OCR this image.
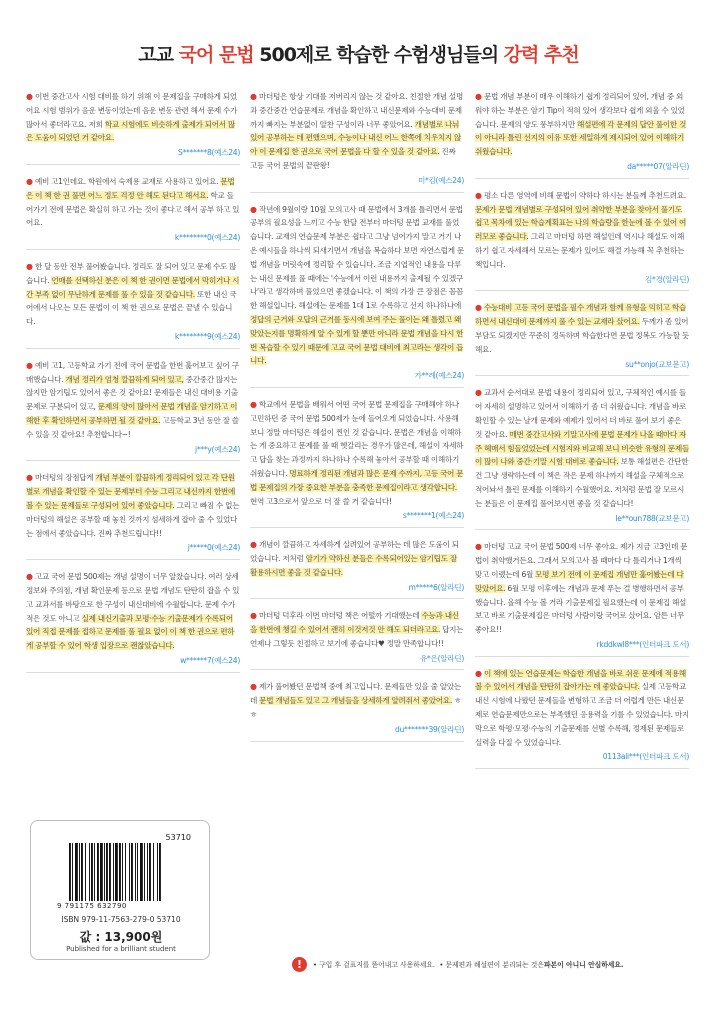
고교 국어 문법 500제로 학습한 수험생님들의 강력 추천
● 이번 중간고사 시험 대비를 하기 위해 이 문제집을 구매하게 되었어요 시험 범위가 음운 변동이었는데 음운 변동 관련 해서 문제 수가 많아서 좋더라고요. 저희 학교 시험에도 비슷하게 출제가 되어서 많은 도움이 되었던 거 같아요.
S*******8(예스24)
● 예비 고1인데요. 학원에서 숙제용 교재로 사용하고 있어요. 문법은 이 책 한 권 풀면 어느 정도 걱정 안 해도 된다고 해서요. 학교 들어가기 전에 문법은 확실히 하고 가는 것이 좋다고 해서 공부 하고 있어요.
k********0(예스24)
● 한 달 동안 전부 풀어봤습니다. 정리도 잘 되어 있고 문제 수도 많습니다. 언매를 선택하신 분은 이 책 한 권이면 문법에서 막히거나 시간 부족 없이 무난하게 문제를 풀 수 있을 것 같습니다. 또한 내신 국어에서 나오는 모든 문법이 이 책 한 권으로 문법은 끝낼 수 있습니다.
k********9(예스24)
● 예비 고1, 고등학교 가기 전에 국어 문법을 한번 훑어보고 싶어 구매했습니다. 개념 정리가 엄청 깔끔하게 되어 있고, 중간중간 많지는 않지만 암기팁도 있어서 좋은 것 같아요! 문제들은 내신 대비용 기출 문제로 구분되어 있고, 문제의 양이 많아서 문법 개념을 암기하고 이해한 후 확인하면서 공부하면 될 것 같아요. 고등학교 3년 동안 잘 쓸 수 있을 것 같아요! 추천합니다~!
j***y(예스24)
● 마더텅의 장점답게 개념 부분이 깔끔하게 정리되어 있고 각 단원별로 개념을 확인할 수 있는 문제부터 수능 그리고 내신까지 한번에 볼 수 있는 문제들로 구성되어 있어 좋았습니다. 그리고 빠짐 수 없는 마더텅의 해설은 공부할 때 놓친 것까지 섬세하게 잡아 줄 수 있었다는 점에서 좋았습니다. 진짜 추천드립니다!!
j*****0(예스24)
● 고교 국어 문법 500제는 개념 설명이 너무 알찼습니다. 여러 상세 정보와 주의점, 개념 확인문제 등으로 문법 개념도 탄탄히 잡을 수 있고 교과서를 바탕으로 한 구성이 내신대비에 수월합니다. 문제 수가 적은 것도 아니고 실제 내신기출과 모평·수능 기출문제가 수록되어 있어 직접 문제를 접하고 문제를 풀 필요 없이 이 책 한 권으로 편하게 공부할 수 있어 학생 입장으로 괜찮았습니다.
w******7(예스24)
● 마더텅은 항상 기대를 저버리지 않는 것 같아요. 친절한 개념 설명과 중간중간 연습문제로 개념을 확인하고 내신문제와 수능대비 문제까지 빠지는 부분없이 알찬 구성이라 너무 좋았어요. 개념별로 나눠 있어 공부하는 데 편했으며, 수능이나 내신 어느 한쪽에 치우치지 않아 이 문제집 한 권으로 국어 문법을 다 할 수 있을 것 같아요. 진짜 고등 국어 문법의 끝판왕!
미*킴(예스24)
● 작년에 9월이랑 10월 모의고사 때 문법에서 3개를 틀리면서 문법 공부의 필요성을 느끼고 수능 한달 전부터 마더텅 문법 교재를 풀었습니다. 교재의 연습문제 부분은 쉽다고 그냥 넘어가지 말고 거기 나온 예시들을 하나씩 되새기면서 개념을 복습하다 보면 자연스럽게 문법 개념을 머릿속에 정리할 수 있습니다. 조금 지엽적인 내용을 다루는 내신 문제를 풀 때에는 '수능에서 이런 내용까지 출제될 수 있겠구나'라고 생각하며 풀었으면 좋겠습니다. 이 책의 가장 큰 장점은 꼼꼼한 해설입니다. 해설에는 문제를 1대 1로 수록하고 선지 하나하나에 정답의 근거와 오답의 근거를 동시에 보여 주는 풀이는 왜 틀렸고 왜 맞았는지를 명확하게 알 수 있게 할 뿐만 아니라 문법 개념을 다시 한 번 복습할 수 있기 때문에 고교 국어 문법 대비에 최고라는 생각이 듭니다.
가**례(예스24)
● 학교에서 문법을 배워서 어떤 국어 문법 문제집을 구매해야 하나 고민하던 중 국어 문법 500제가 눈에 들어오게 되었습니다. 사용해 보니 정말 마더텅은 해설이 찐인 것 같습니다. 문법은 개념을 이해하는 게 중요하고 문제를 풀 때 헷갈리는 경우가 많은데, 해설이 자세하고 답을 찾는 과정까지 하나하나 수록해 놓아서 공부할 때 이해하기 쉬웠습니다. 명료하게 정리된 개념과 많은 문제 수까지, 고등 국어 문법 문제집의 가장 중요한 부분을 충족한 문제집이라고 생각합니다. 현역 고3으로서 앞으로 더 잘 쓸 거 같습니다!
s*******1(예스24)
● 개념이 깔끔하고 자세하게 실려있어 공부하는 데 많은 도움이 되었습니다. 저처럼 암기가 약하신 분들은 수록되어있는 암기팁도 잘 활용하시면 좋을 것 같습니다.
m*****6(알라딘)
● 마더텅 덕후라 이번 마더텅 책은 어떨까 기대했는데 수능과 내신을 한번에 챙길 수 있어서 괜히 이것저것 안 해도 되더라고요. 답지는 언제나 그렇듯 친절하고 보기에 좋습니다♥ 정말 만족합니다!!
유*은(알라딘)
● 제가 풀어봤던 문법책 중에 최고입니다. 문제들만 있을 줄 알았는데 문법 개념들도 있고 그 개념들을 상세하게 알려줘서 좋았어요. ㅎㅎ
du*******39(알라딘)
● 문법 개념 부분이 매우 이해하기 쉽게 정리되어 있어, 개념 중 외워야 하는 부분은 암기 Tip이 적혀 있어 생각보다 쉽게 외울 수 있었습니다. 문제의 양도 풍부하지만 해설편에 각 문제의 답안 풀이한 것이 아니라 틀린 선지의 이유 또한 세밀하게 제시되어 있어 이해하기 쉬웠습니다.
da*****07(알라딘)
● 평소 다른 영역에 비해 문법이 약하다 하시는 분들께 추천드려요. 문제가 문법 개념별로 구성되어 있어 취약한 부분을 찾아서 풀기도 쉽고 목차에 있는 학습계획표는 나의 학습량을 한눈에 볼 수 있어 여러모로 좋습니다. 그리고 마더텅 하면 해설인데 역시나 해설도 이해하기 쉽고 자세해서 모르는 문제가 있어도 해결 가능해 꼭 추천하는 책입니다.
김*경(알라딘)
● 수능대비 고등 국어 문법을 필수 개념과 함께 유형을 익히고 학습하면서 내신대비 문제까지 풀 수 있는 교재라 샀어요. 두께가 좀 있어 부담도 되겠지만 꾸준히 정독하며 학습한다면 문법 정복도 가능할 듯해요.
su**onjo(교보문고)
● 교과서 순서대로 문법 내용이 정리되어 있고, 구체적인 예시를 들어 자세히 설명하고 있어서 이해하기 좀 더 쉬웠습니다. 개념을 바로 확인할 수 있는 날개 문제와 예제가 있어서 더 바로 풀어 보기 좋은 것 같아요. 매번 중간고사와 기말고사에 문법 문제가 나올 때마다 자주 헤매서 힘들었었는데 시험지와 비교해 보니 비슷한 유형의 문제들이 많이 나와 중간·기말 시험 대비로 좋습니다. 보통 해설편은 간단한 건 그냥 생략하는데 이 책은 작은 문제 하나까지 해설을 구체적으로 적어놔서 틀린 문제를 이해하기 수월했어요. 저처럼 문법 잘 모르시는 분들은 이 문제집 풀어보시면 좋을 것 같습니다!
le**oun788(교보문고)
● 마더텅 고교 국어 문법 500제 너무 좋아요. 제가 지금 고3인데 문법이 취약했거든요. 그래서 모의고사 볼 때마다 다 틀리거나 1개씩 맞고 이랬는데 6월 모평 보기 전에 이 문제집 개념만 훑어봤는데 다 맞았어요. 6월 모평 이후에는 개념과 문제 푸는 걸 병행하면서 공부했습니다. 올해 수능 볼 거라 기출문제집 필요했는데 이 문제집 해설 보고 바로 기출문제집은 마더텅 사람이랑 국어로 샀어요. 암튼 너무 좋아요!!
rkddkwl8***(인터파크 도서)
● 이 책에 있는 연습문제는 학습한 개념을 바로 쉬운 문제에 적용해 볼 수 있어서 개념을 탄탄히 잡아가는 데 좋았습니다. 실제 고등학교 내신 시험에 나왔던 문제들을 변형하고 조금 더 어렵게 만든 내신문제로 연습문제만으로는 부족했던 응용력을 기를 수 있었습니다. 마지막으로 학평·모평·수능의 기출문제를 선별 수록해, 정제된 문제들로 실력을 다질 수 있었습니다.
0113ali***(인터파크 도서)
53710
9 791175 632790
ISBN 979-11-7563-279-0 53710
값 : 13,900원
Published for a brilliant student
!	• 구입 후 겉표지를 뜯어내고 사용하세요.
• 문제편과 해설편이 분리되는 것은 파본이 아니니 안심하세요.
